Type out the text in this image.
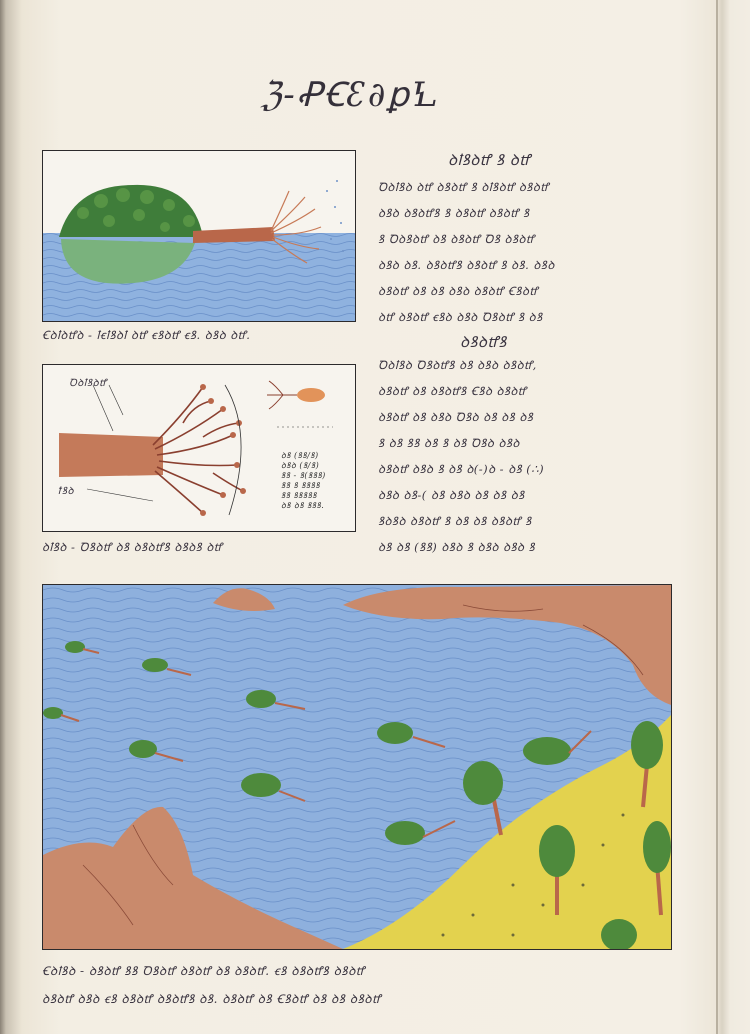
ℨ-ꝒꞒꜫ∂ꝑꝆ
Ꞓꝺꝉꝺꝷꝺ - ꝉꞓꝉꝸꝺꝉ ꝺꝷ ꞓꝸꝺꝷ ꞓꝸ. ꝺꝸꝺ ꝺꝷ.
Ꝺꝺꝉꝸꝺꝷ
ꝉꝸꝺ
ꝺꝸ (ꝸꝸ/ꝸ)
ꝺꝸꝺ (ꝸ/ꝸ)
ꝸꝸ - ꝸ(ꝸꝸꝸ)
ꝸꝸ ꝸ ꝸꝸꝸꝸ
ꝸꝸ ꝸꝸꝸꝸꝸ
ꝺꝸ ꝺꝸ ꝸꝸꝸ.
ꝺꝉꝸꝺ - Ꝺꝸꝺꝷ ꝺꝸ ꝺꝸꝺꝷꝸ ꝺꝸꝺꝸ ꝺꝷ
ꝺꝉꝸꝺꝷ ꝸ ꝺꝷ
Ꝺꝺꝉꝸꝺ ꝺꝷ ꝺꝸꝺꝷ ꝸ ꝺꝉꝸꝺꝷ ꝺꝸꝺꝷ
ꝺꝸꝺ ꝺꝸꝺꝷꝸ ꝸ ꝺꝸꝺꝷ ꝺꝸꝺꝷ ꝸ
ꝸ Ꝺꝺꝸꝺꝷ ꝺꝸ ꝺꝸꝺꝷ Ꝺꝸ ꝺꝸꝺꝷ
ꝺꝸꝺ ꝺꝸ. ꝺꝸꝺꝷꝸ ꝺꝸꝺꝷ ꝸ ꝺꝸ. ꝺꝸꝺ
ꝺꝸꝺꝷ ꝺꝸ ꝺꝸ ꝺꝸꝺ ꝺꝸꝺꝷ Ꞓꝸꝺꝷ
ꝺꝷ ꝺꝸꝺꝷ ꞓꝸꝺ ꝺꝸꝺ Ꝺꝸꝺꝷ ꝸ ꝺꝸ
ꝺꝸꝺꝷꝸ
Ꝺꝺꝉꝸꝺ Ꝺꝸꝺꝷꝸ ꝺꝸ ꝺꝸꝺ ꝺꝸꝺꝷ,
ꝺꝸꝺꝷ ꝺꝸ ꝺꝸꝺꝷꝸ Ꞓꝸꝺ ꝺꝸꝺꝷ
ꝺꝸꝺꝷ ꝺꝸ ꝺꝸꝺ Ꝺꝸꝺ ꝺꝸ ꝺꝸ ꝺꝸ
ꝸ ꝺꝸ ꝸꝸ ꝺꝸ ꝸ ꝺꝸ Ꝺꝸꝺ ꝺꝸꝺ
ꝺꝸꝺꝷ ꝺꝸꝺ ꝸ ꝺꝸ ꝺ(-)ꝺ - ꝺꝸ (∴)
ꝺꝸꝺ ꝺꝸ-( ꝺꝸ ꝺꝸꝺ ꝺꝸ ꝺꝸ ꝺꝸ
ꝸꝺꝸꝺ ꝺꝸꝺꝷ ꝸ ꝺꝸ ꝺꝸ ꝺꝸꝺꝷ ꝸ
ꝺꝸ ꝺꝸ (ꝸꝸ) ꝺꝸꝺ ꝸ ꝺꝸꝺ ꝺꝸꝺ ꝸ
Ꞓꝺꝉꝸꝺ - ꝺꝸꝺꝷ ꝸꝸ Ꝺꝸꝺꝷ ꝺꝸꝺꝷ ꝺꝸ ꝺꝸꝺꝷ. ꞓꝸ ꝺꝸꝺꝷꝸ ꝺꝸꝺꝷ
ꝺꝸꝺꝷ ꝺꝸꝺ ꞓꝸ ꝺꝸꝺꝷ ꝺꝸꝺꝷꝸ ꝺꝸ. ꝺꝸꝺꝷ ꝺꝸ Ꞓꝸꝺꝷ ꝺꝸ ꝺꝸ ꝺꝸꝺꝷ
